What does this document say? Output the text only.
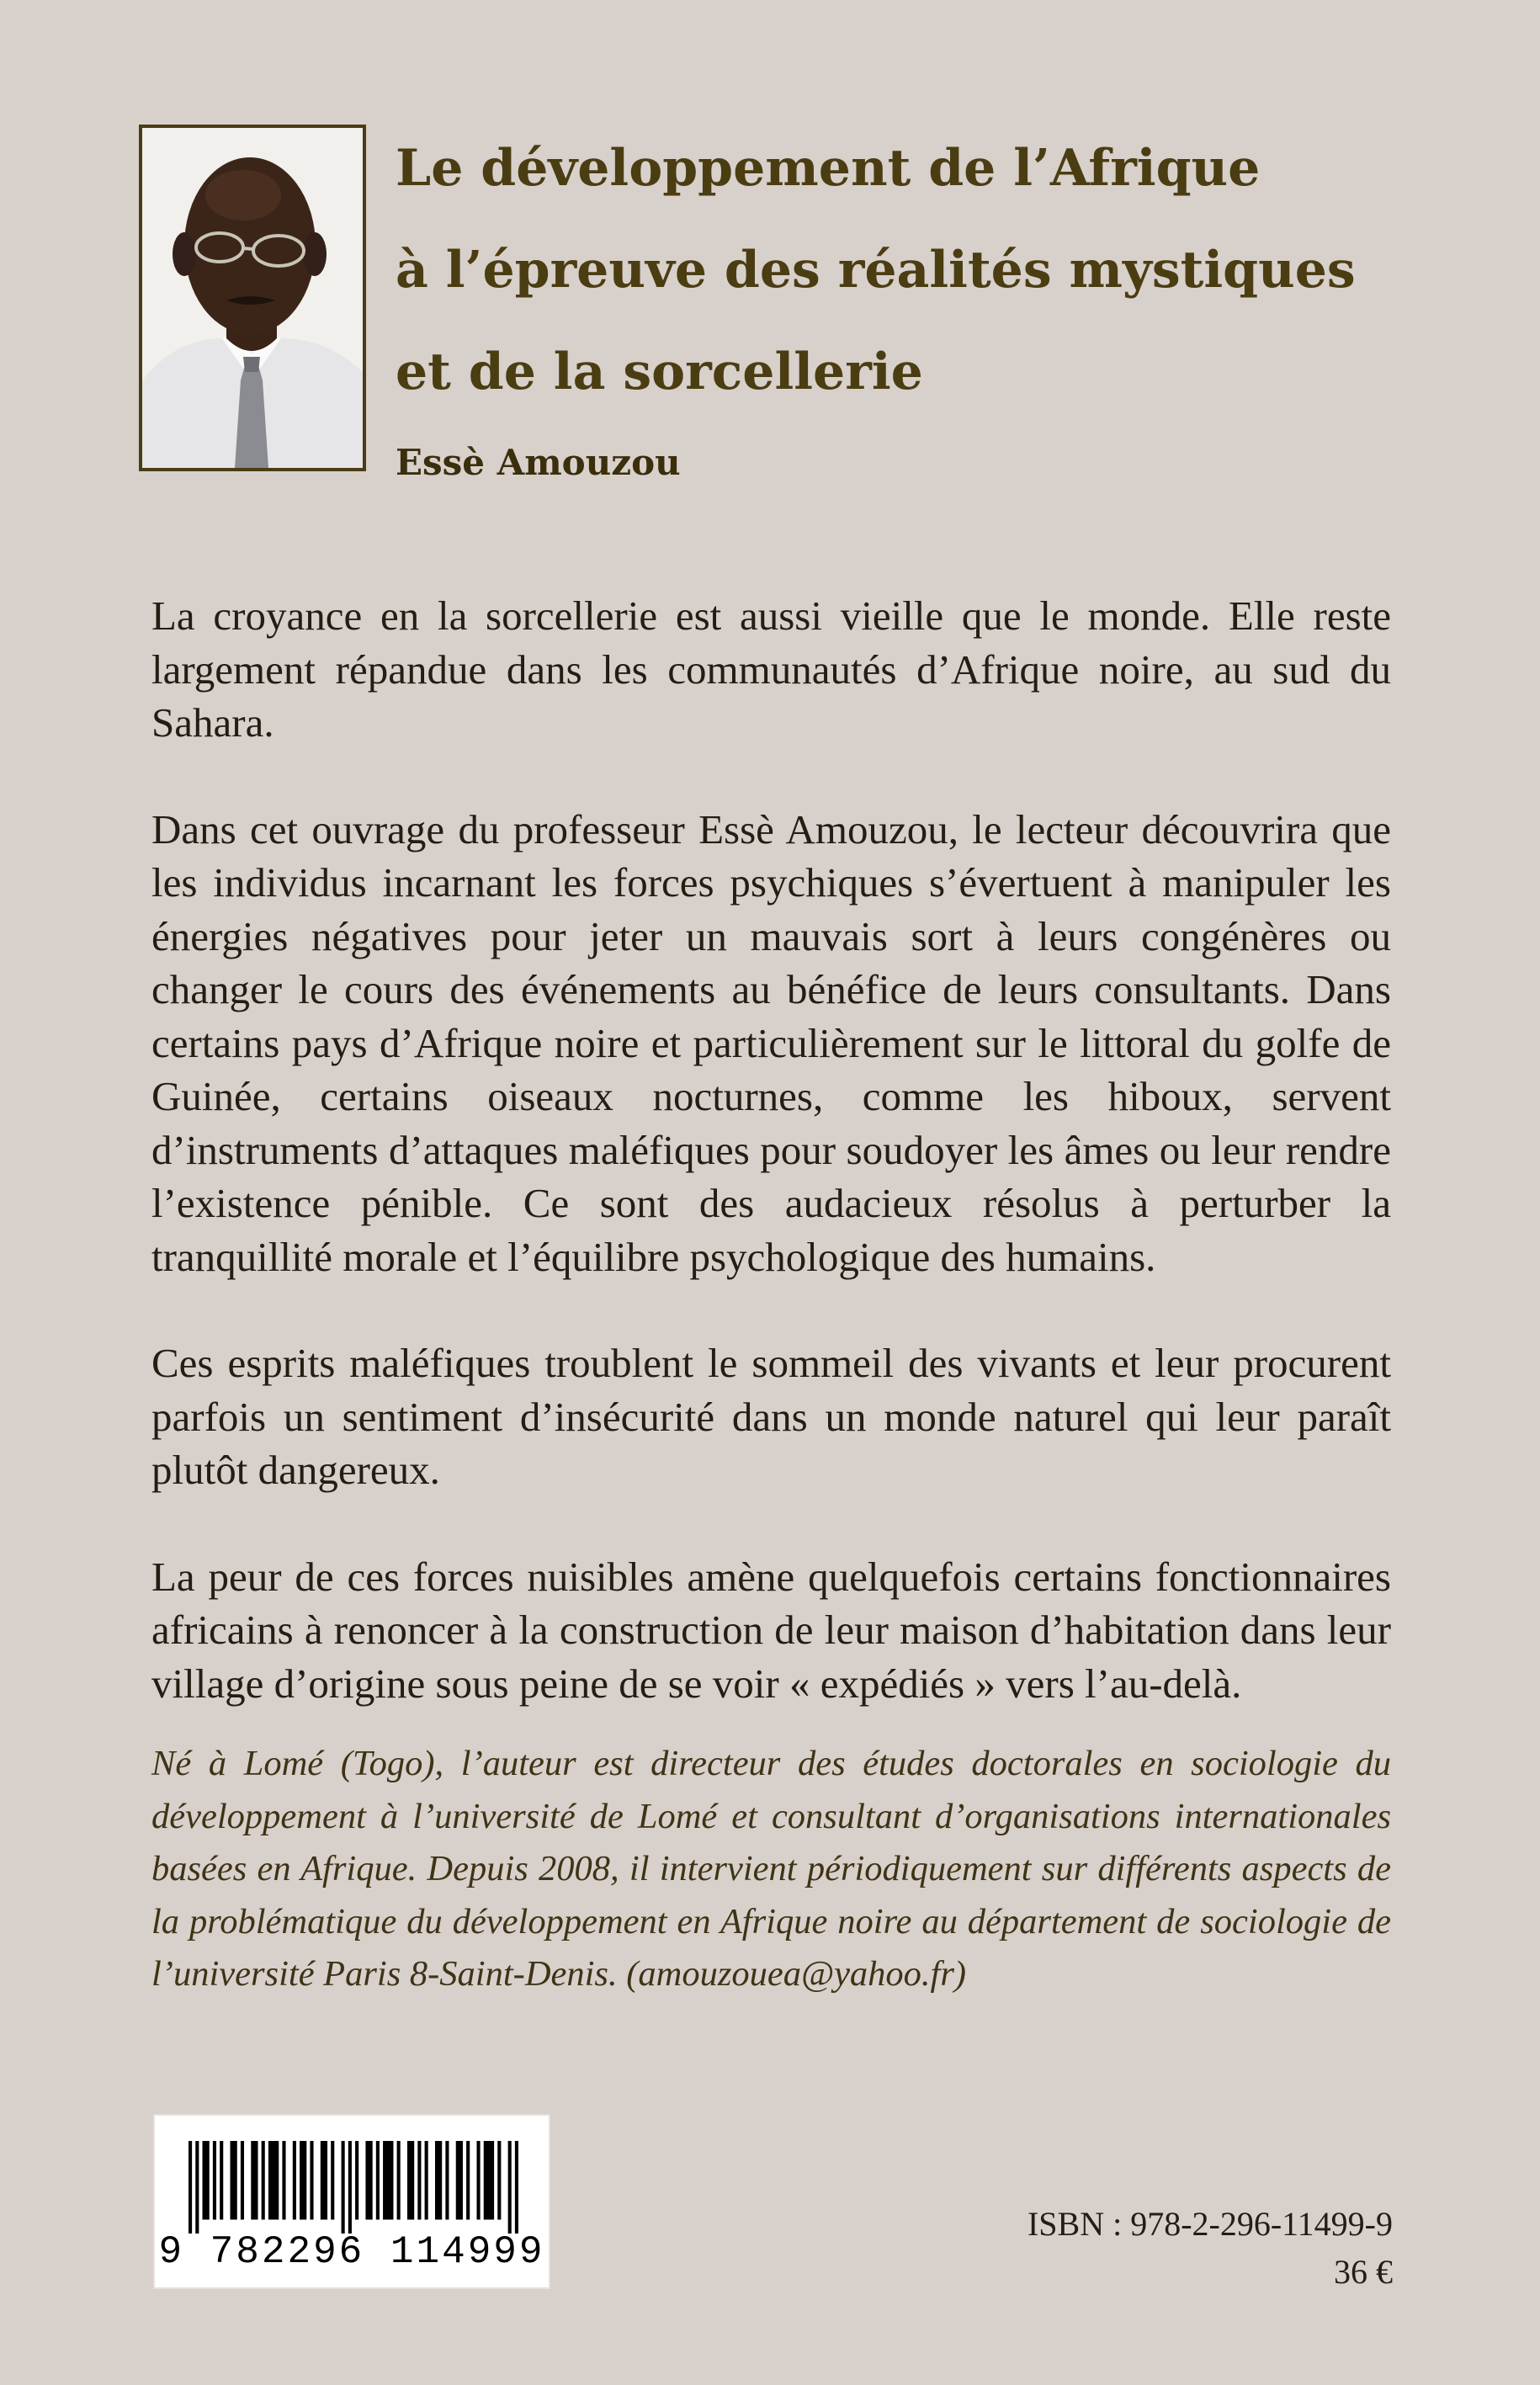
Le développement de l’Afrique
à l’épreuve des réalités mystiques
et de la sorcellerie
Essè Amouzou

La croyance en la sorcellerie est aussi vieille que le monde. Elle reste largement répandue dans les communautés d’Afrique noire, au sud du Sahara.

Dans cet ouvrage du professeur Essè Amouzou, le lecteur découvrira que les individus incarnant les forces psychiques s’évertuent à manipuler les énergies négatives pour jeter un mauvais sort à leurs congénères ou changer le cours des événements au bénéfice de leurs consultants. Dans certains pays d’Afrique noire et particulièrement sur le littoral du golfe de Guinée, certains oiseaux nocturnes, comme les hiboux, servent d’instruments d’attaques maléfiques pour soudoyer les âmes ou leur rendre l’existence pénible. Ce sont des audacieux résolus à perturber la tranquillité morale et l’équilibre psychologique des humains.

Ces esprits maléfiques troublent le sommeil des vivants et leur procurent parfois un sentiment d’insécurité dans un monde naturel qui leur paraît plutôt dangereux.

La peur de ces forces nuisibles amène quelquefois certains fonctionnaires africains à renoncer à la construction de leur maison d’habitation dans leur village d’origine sous peine de se voir « expédiés » vers l’au-delà.

Né à Lomé (Togo), l’auteur est directeur des études doctorales en sociologie du développement à l’université de Lomé et consultant d’organisations internationales basées en Afrique. Depuis 2008, il intervient périodiquement sur différents aspects de la problématique du développement en Afrique noire au département de sociologie de l’université Paris 8-Saint-Denis. (amouzouea@yahoo.fr)

9 782296 114999
ISBN : 978-2-296-11499-9
36 €
